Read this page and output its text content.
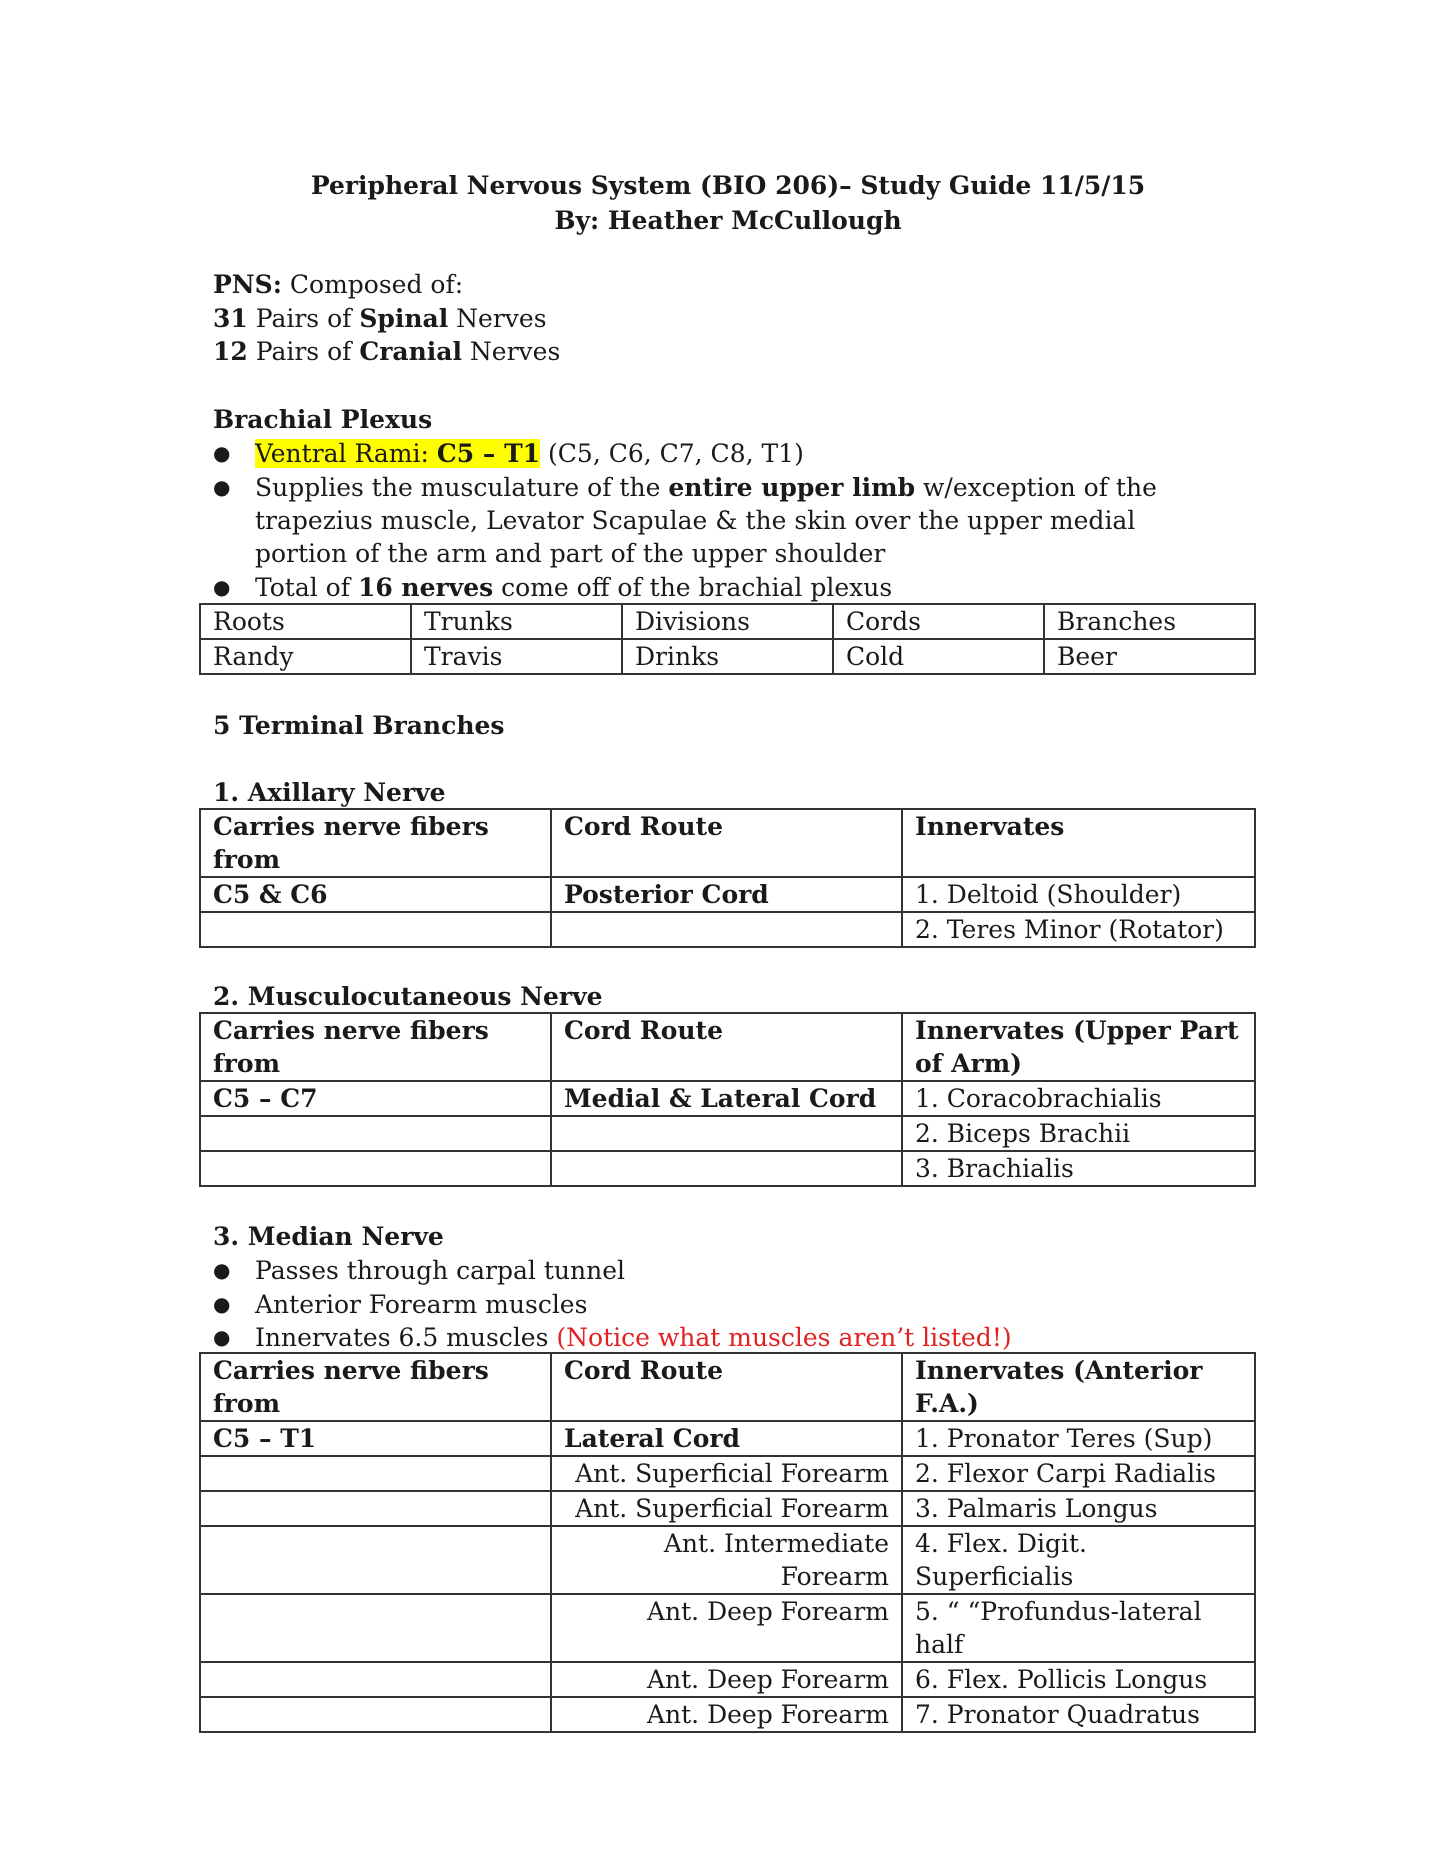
Peripheral Nervous System (BIO 206)– Study Guide 11/5/15
By: Heather McCullough
PNS: Composed of:
31 Pairs of Spinal Nerves
12 Pairs of Cranial Nerves
Brachial Plexus
● Ventral Rami: C5 – T1 (C5, C6, C7, C8, T1)
● Supplies the musculature of the entire upper limb w/exception of the trapezius muscle, Levator Scapulae & the skin over the upper medial portion of the arm and part of the upper shoulder
● Total of 16 nerves come off of the brachial plexus
Roots	Trunks	Divisions	Cords	Branches
Randy	Travis	Drinks	Cold	Beer
5 Terminal Branches
1. Axillary Nerve
Carries nerve fibers from	Cord Route	Innervates
C5 & C6	Posterior Cord	1. Deltoid (Shoulder)
		2. Teres Minor (Rotator)
2. Musculocutaneous Nerve
Carries nerve fibers from	Cord Route	Innervates (Upper Part of Arm)
C5 – C7	Medial & Lateral Cord	1. Coracobrachialis
		2. Biceps Brachii
		3. Brachialis
3. Median Nerve
● Passes through carpal tunnel
● Anterior Forearm muscles
● Innervates 6.5 muscles (Notice what muscles aren’t listed!)
Carries nerve fibers from	Cord Route	Innervates (Anterior F.A.)
C5 – T1	Lateral Cord	1. Pronator Teres (Sup)
	Ant. Superficial Forearm	2. Flexor Carpi Radialis
	Ant. Superficial Forearm	3. Palmaris Longus
	Ant. Intermediate Forearm	4. Flex. Digit. Superficialis
	Ant. Deep Forearm	5. “ “Profundus-lateral half
	Ant. Deep Forearm	6. Flex. Pollicis Longus
	Ant. Deep Forearm	7. Pronator Quadratus
